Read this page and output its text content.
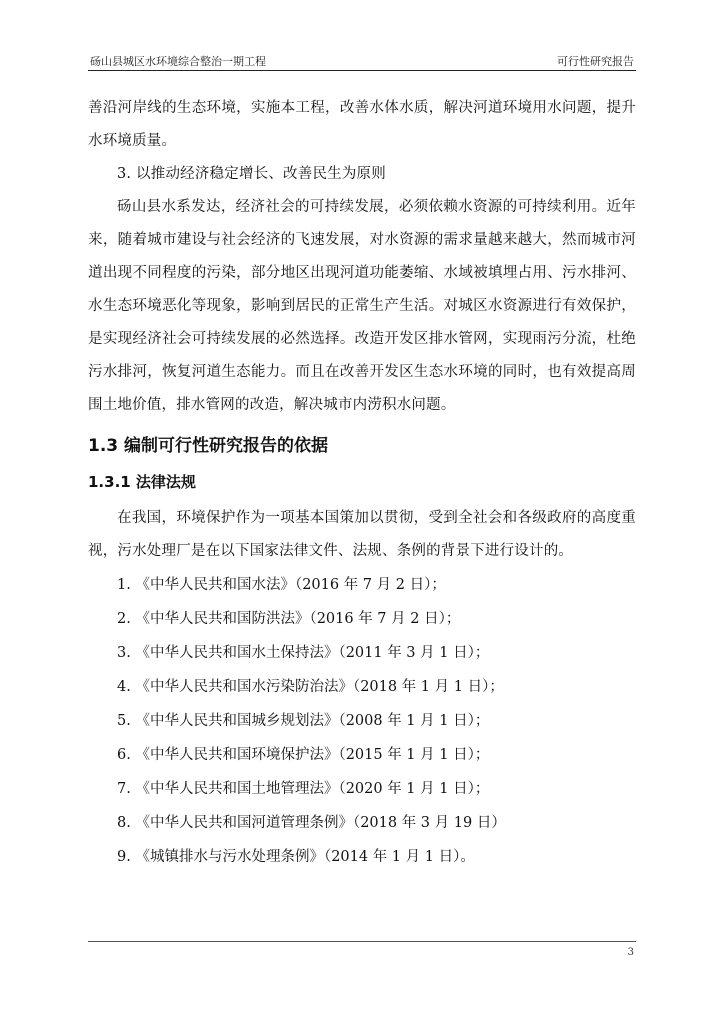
砀山县城区水环境综合整治一期工程	可行性研究报告

善沿河岸线的生态环境，实施本工程，改善水体水质，解决河道环境用水问题，提升水环境质量。

3. 以推动经济稳定增长、改善民生为原则

砀山县水系发达，经济社会的可持续发展，必须依赖水资源的可持续利用。近年来，随着城市建设与社会经济的飞速发展，对水资源的需求量越来越大，然而城市河道出现不同程度的污染，部分地区出现河道功能萎缩、水域被填埋占用、污水排河、水生态环境恶化等现象，影响到居民的正常生产生活。对城区水资源进行有效保护，是实现经济社会可持续发展的必然选择。改造开发区排水管网，实现雨污分流，杜绝污水排河，恢复河道生态能力。而且在改善开发区生态水环境的同时，也有效提高周围土地价值，排水管网的改造，解决城市内涝积水问题。

1.3 编制可行性研究报告的依据
1.3.1 法律法规

在我国，环境保护作为一项基本国策加以贯彻，受到全社会和各级政府的高度重视，污水处理厂是在以下国家法律文件、法规、条例的背景下进行设计的。

1. 《中华人民共和国水法》（2016 年 7 月 2 日）；
2. 《中华人民共和国防洪法》（2016 年 7 月 2 日）；
3. 《中华人民共和国水土保持法》（2011 年 3 月 1 日）；
4. 《中华人民共和国水污染防治法》（2018 年 1 月 1 日）；
5. 《中华人民共和国城乡规划法》（2008 年 1 月 1 日）；
6. 《中华人民共和国环境保护法》（2015 年 1 月 1 日）；
7. 《中华人民共和国土地管理法》（2020 年 1 月 1 日）；
8. 《中华人民共和国河道管理条例》（2018 年 3 月 19 日）
9. 《城镇排水与污水处理条例》（2014 年 1 月 1 日）。
3
